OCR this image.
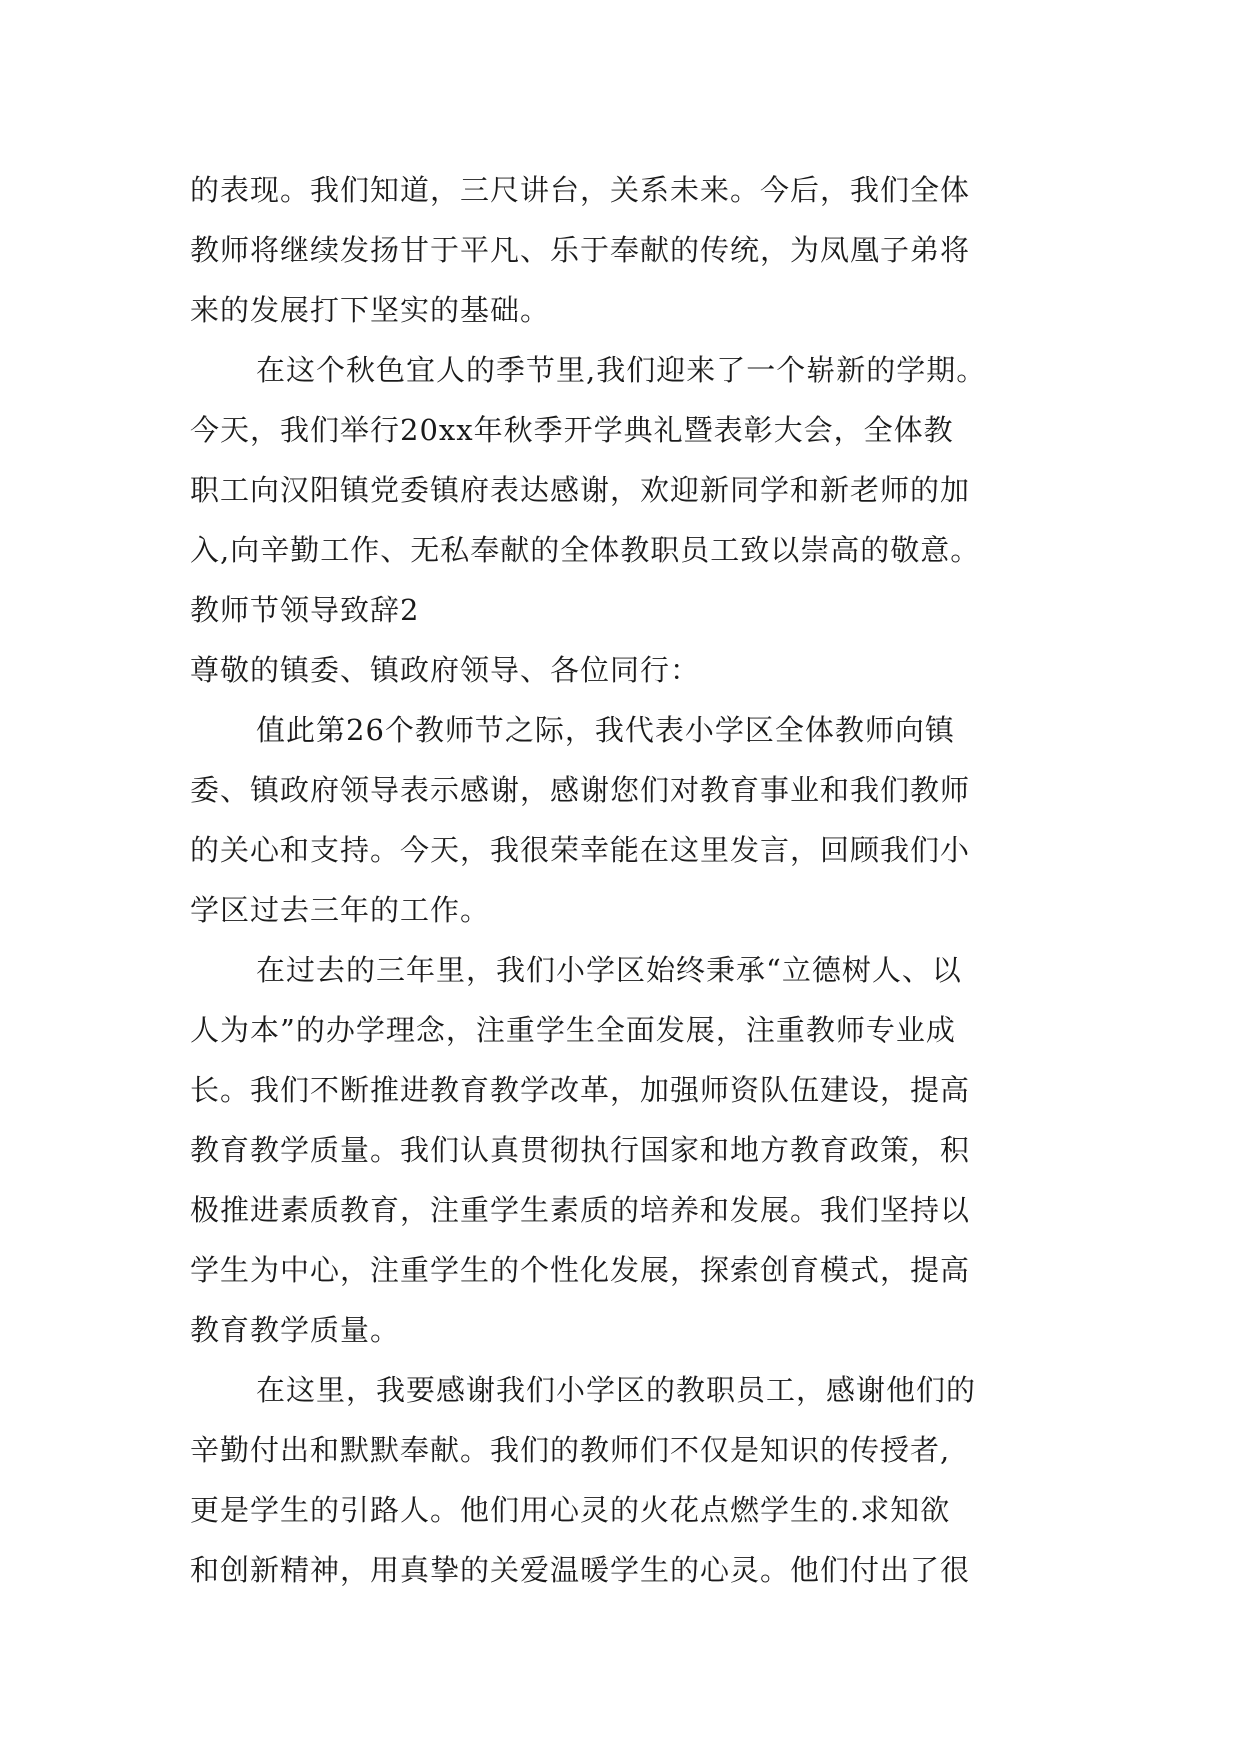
的表现。我们知道，三尺讲台，关系未来。今后，我们全体
教师将继续发扬甘于平凡、乐于奉献的传统，为凤凰子弟将
来的发展打下坚实的基础。
在这个秋色宜人的季节里,我们迎来了一个崭新的学期。
今天，我们举行20xx年秋季开学典礼暨表彰大会，全体教
职工向汉阳镇党委镇府表达感谢，欢迎新同学和新老师的加
入,向辛勤工作、无私奉献的全体教职员工致以崇高的敬意。
教师节领导致辞2
尊敬的镇委、镇政府领导、各位同行：
值此第26个教师节之际，我代表小学区全体教师向镇
委、镇政府领导表示感谢，感谢您们对教育事业和我们教师
的关心和支持。今天，我很荣幸能在这里发言，回顾我们小
学区过去三年的工作。
在过去的三年里，我们小学区始终秉承“立德树人、以
人为本”的办学理念，注重学生全面发展，注重教师专业成
长。我们不断推进教育教学改革，加强师资队伍建设，提高
教育教学质量。我们认真贯彻执行国家和地方教育政策，积
极推进素质教育，注重学生素质的培养和发展。我们坚持以
学生为中心，注重学生的个性化发展，探索创育模式，提高
教育教学质量。
在这里，我要感谢我们小学区的教职员工，感谢他们的
辛勤付出和默默奉献。我们的教师们不仅是知识的传授者,
更是学生的引路人。他们用心灵的火花点燃学生的.求知欲
和创新精神，用真挚的关爱温暖学生的心灵。他们付出了很
